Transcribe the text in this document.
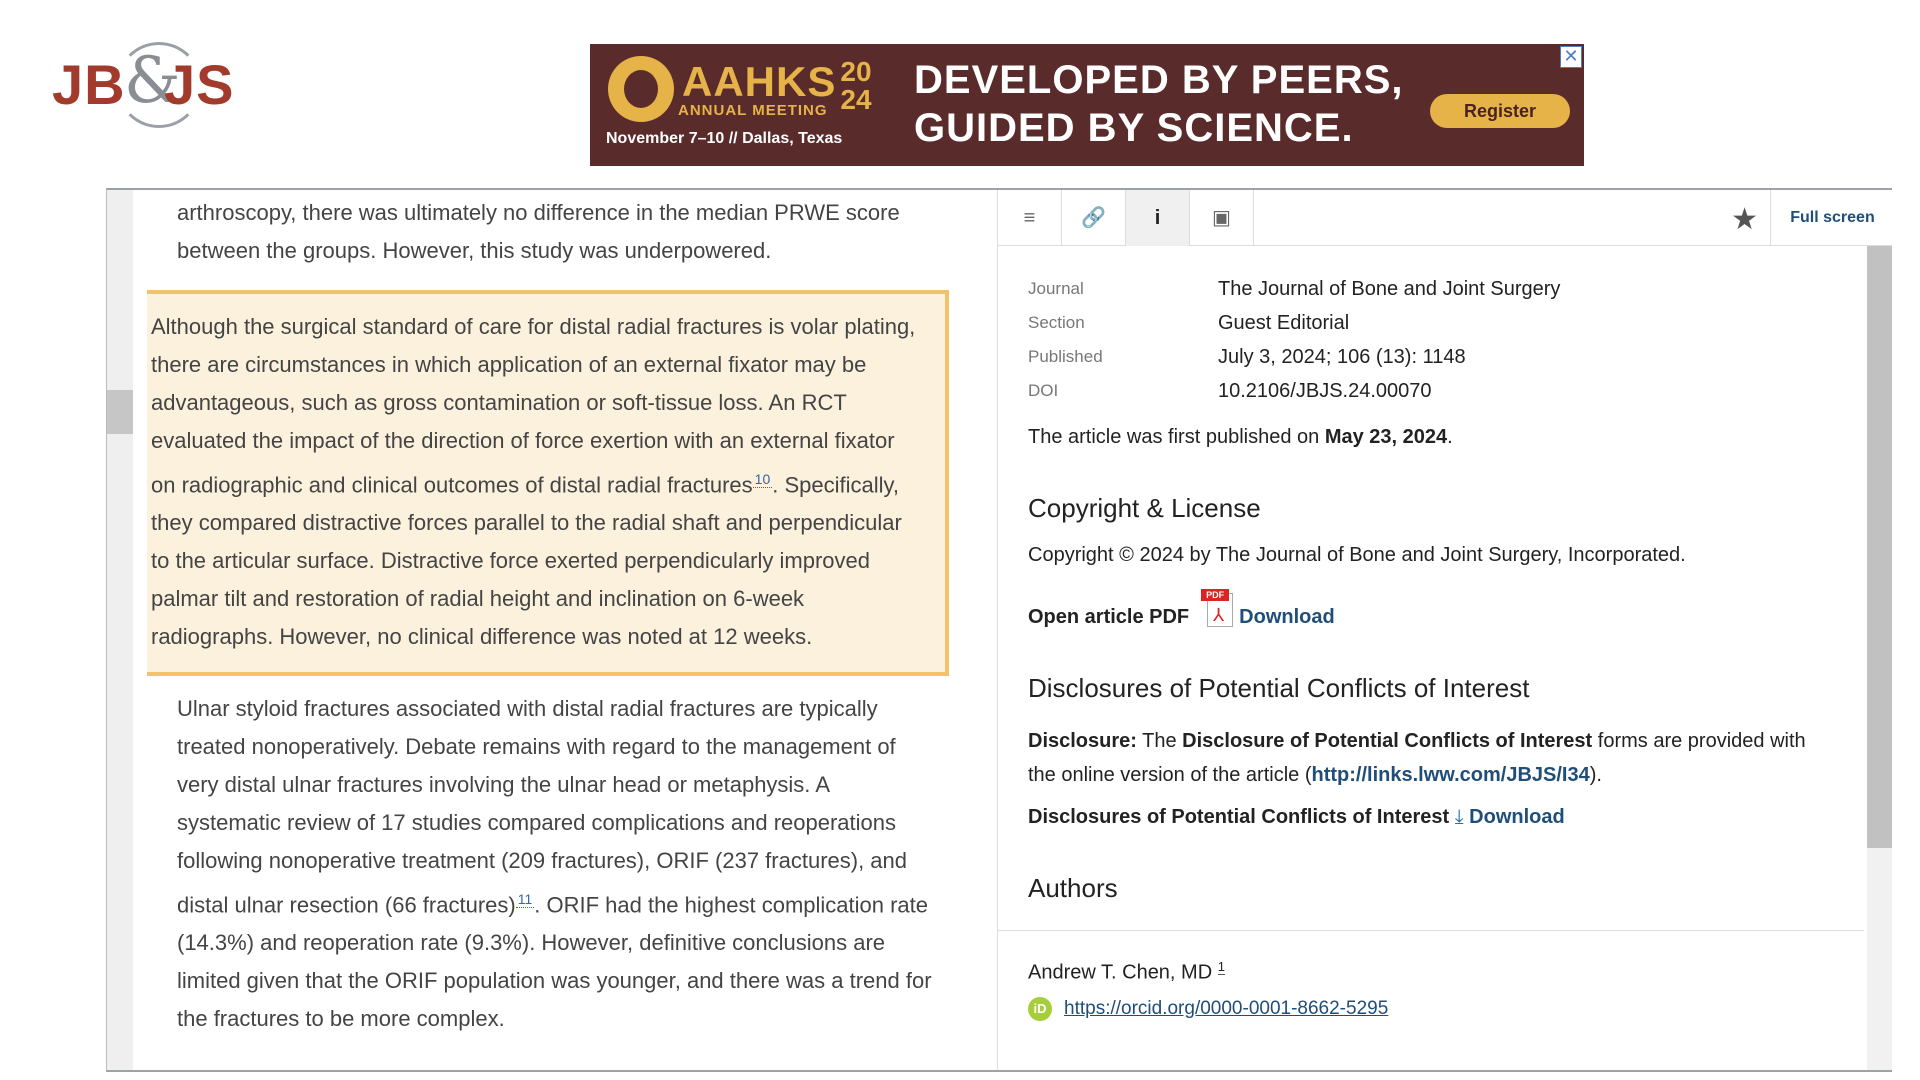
JB
&
JS	AAHKS 20
24
ANNUAL MEETING
November 7–10 // Dallas, Texas
DEVELOPED BY PEERS,
GUIDED BY SCIENCE.	Register
✕

arthroscopy, there was ultimately no difference in the median PRWE score between the groups. However, this study was underpowered.

Although the surgical standard of care for distal radial fractures is volar plating, there are circumstances in which application of an external fixator may be advantageous, such as gross contamination or soft-tissue loss. An RCT evaluated the impact of the direction of force exertion with an external fixator on radiographic and clinical outcomes of distal radial fractures $^{10}$. Specifically, they compared distractive forces parallel to the radial shaft and perpendicular to the articular surface. Distractive force exerted perpendicularly improved palmar tilt and restoration of radial height and inclination on 6-week radiographs. However, no clinical difference was noted at 12 weeks.

Ulnar styloid fractures associated with distal radial fractures are typically treated nonoperatively. Debate remains with regard to the management of very distal ulnar fractures involving the ulnar head or metaphysis. A systematic review of 17 studies compared complications and reoperations following nonoperative treatment (209 fractures), ORIF (237 fractures), and distal ulnar resection (66 fractures) $^{11}$. ORIF had the highest complication rate (14.3%) and reoperation rate (9.3%). However, definitive conclusions are limited given that the ORIF population was younger, and there was a trend for the fractures to be more complex.

≡	🔗	i	▣	★	Full screen
Journal	The Journal of Bone and Joint Surgery
Section	Guest Editorial
Published	July 3, 2024; 106 (13): 1148
DOI	10.2106/JBJS.24.00070
The article was first published on May 23, 2024.
Copyright & License
Copyright © 2024 by The Journal of Bone and Joint Surgery, Incorporated.
Open article PDF
PDF
⅄ Download
Disclosures of Potential Conflicts of Interest
Disclosure: The Disclosure of Potential Conflicts of Interest forms are provided with the online version of the article (http://links.lww.com/JBJS/I34).
Disclosures of Potential Conflicts of Interest ⤓ Download
Authors
Andrew T. Chen, MD $^1$
iD https://orcid.org/0000-0001-8662-5295
